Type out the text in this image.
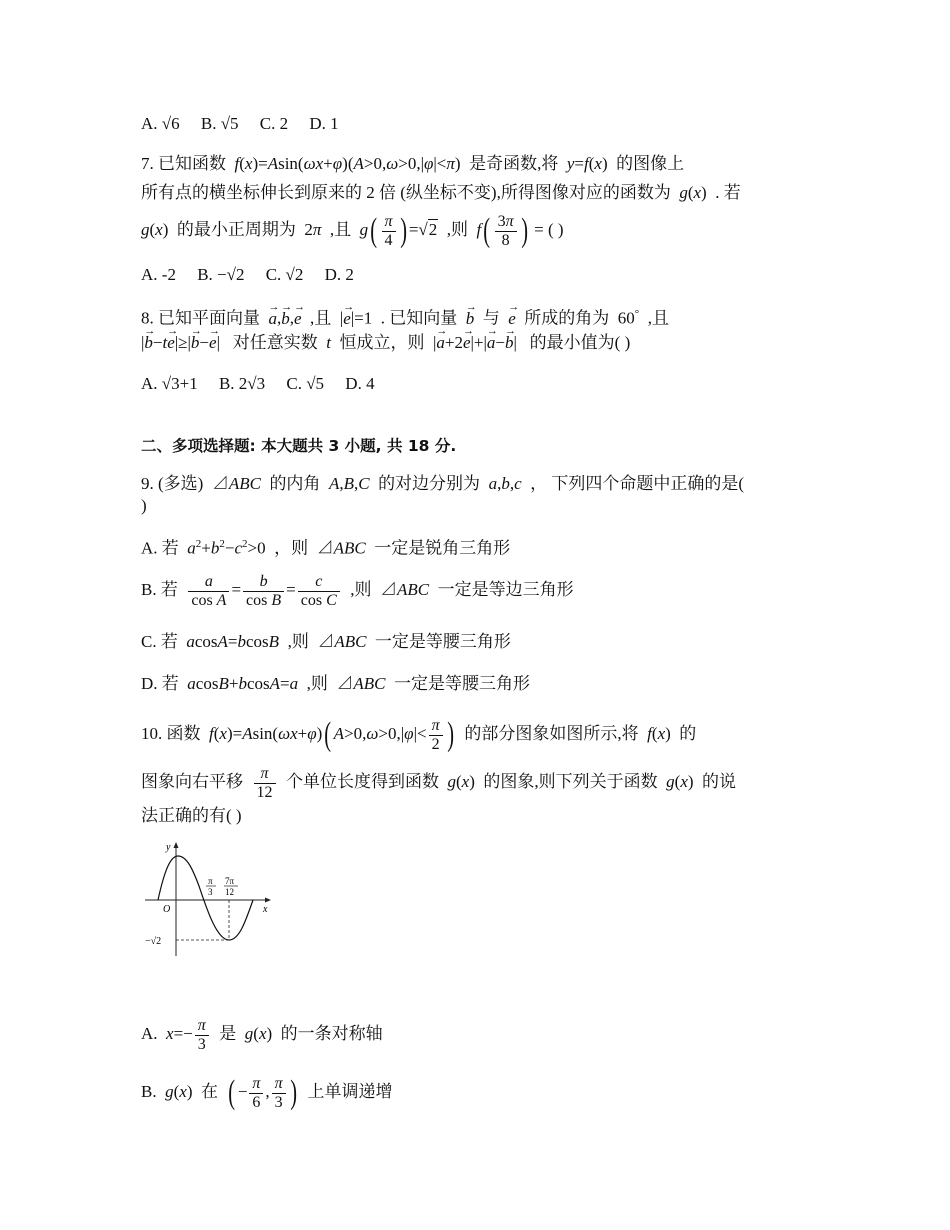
A. √6 B. √5 C. 2 D. 1
7. 已知函数  f(x)=Asin(ωx+φ)(A>0,ω>0,|φ|<π)  是奇函数,将  y=f(x)  的图像上
所有点的横坐标伸长到原来的 2 倍 (纵坐标不变),所得图像对应的函数为  g(x)  . 若
g(x)  的最小正周期为  2π  ,且  $g( \frac{\pi}{4}$ ) =√2 ,则  $f( \frac{3\pi}{8}$ ) = ( )
A. -2 B. −√2 C. √2 D. 2
8. 已知平面向量 → a,→ b,→ e ,且  |→ e|=1  . 已知向量 → b 与 → e 所成的角为  60° ,且
|→ b−t→ e|≥|→ b−→ e|   对任意实数 t 恒成立，则  |→ a+2→ e|+|→ a−→ b|   的最小值为( )
A. √3+1 B. 2√3 C. √5 D. 4
二、多项选择题: 本大题共 3 小题, 共 18 分.
9. (多选)  ⊿ABC 的内角 A,B,C 的对边分别为 a,b,c ， 下列四个命题中正确的是(
)
A. 若 $a^2+b^2-c^2>0$  ，则  ⊿ABC 一定是锐角三角形
B. 若 $\frac{a}{\text{cos A}} = \frac{b}{\text{cos B}} = \frac{c}{\text{cos C}}$ ,则  ⊿ABC 一定是等边三角形
C. 若 acosA=bcosB ,则  ⊿ABC 一定是等腰三角形
D. 若 acosB+bcosA=a ,则  ⊿ABC 一定是等腰三角形
10. 函数 f(x)=Asin(ωx+φ)( $A>0,\omega>0,|\varphi|< \frac{\pi}{2}$ ) 的部分图象如图所示,将 f(x)  的
图象向右平移 $\frac{\pi}{12}$ 个单位长度得到函数 g(x)  的图象,则下列关于函数 g(x)  的说
法正确的有( )
y
x
O
π
3
7π
12
−√2
A. $x=- \frac{\pi}{3}$ 是 g(x)  的一条对称轴
B. g(x)  在 ( − $\frac{\pi}{6}$ , $\frac{\pi}{3}$ ) 上单调递增
